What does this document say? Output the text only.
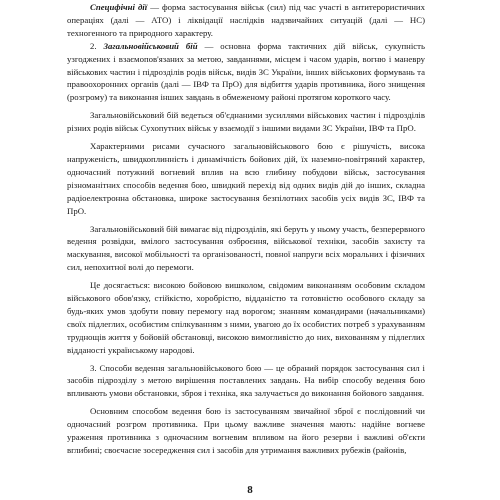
Специфічні дії — форма застосування військ (сил) під час участі в антитерористичних операціях (далі — АТО) і ліквідації наслідків надзвичайних ситуацій (далі — НС) техногенного та природного характеру.

2. Загальновійськовий бій — основна форма тактичних дій військ, сукупність узгоджених і взаємопов'язаних за метою, завданнями, місцем і часом ударів, вогню і маневру військових частин і підрозділів родів військ, видів ЗС України, інших військових формувань та правоохоронних органів (далі — ІВФ та ПрО) для відбиття ударів противника, його знищення (розгрому) та виконання інших завдань в обмеженому районі протягом короткого часу.

Загальновійськовий бій ведеться об'єднаними зусиллями військових частин і підрозділів різних родів військ Сухопутних військ у взаємодії з іншими видами ЗС України, ІВФ та ПрО.

Характерними рисами сучасного загальновійськового бою є рішучість, висока напруженість, швидкоплинність і динамічність бойових дій, їх наземно-повітряний характер, одночасний потужний вогневий вплив на всю глибину побудови військ, застосування різноманітних способів ведення бою, швидкий перехід від одних видів дій до інших, складна радіоелектронна обстановка, широке застосування безпілотних засобів усіх видів ЗС, ІВФ та ПрО.

Загальновійськовий бій вимагає від підрозділів, які беруть у ньому участь, безперервного ведення розвідки, вмілого застосування озброєння, військової техніки, засобів захисту та маскування, високої мобільності та організованості, повної напруги всіх моральних і фізичних сил, непохитної волі до перемоги.

Це досягається: високою бойовою вишколом, свідомим виконанням особовим складом військового обов'язку, стійкістю, хоробрістю, відданістю та готовністю особового складу за будь-яких умов здобути повну перемогу над ворогом; знанням командирами (начальниками) своїх підлеглих, особистим спілкуванням з ними, увагою до їх особистих потреб з урахуванням труднощів життя у бойовій обстановці, високою вимогливістю до них, вихованням у підлеглих відданості українському народові.

3. Способи ведення загальновійськового бою — це обраний порядок застосування сил і засобів підрозділу з метою вирішення поставлених завдань. На вибір способу ведення бою впливають умови обстановки, зброя і техніка, яка залучається до виконання бойового завдання.

Основним способом ведення бою із застосуванням звичайної зброї є послідовний чи одночасний розгром противника. При цьому важливе значення мають: надійне вогневе ураження противника з одночасним вогневим впливом на його резерви і важливі об'єкти вглибині; своєчасне зосередження сил і засобів для утримання важливих рубежів (районів,

8
